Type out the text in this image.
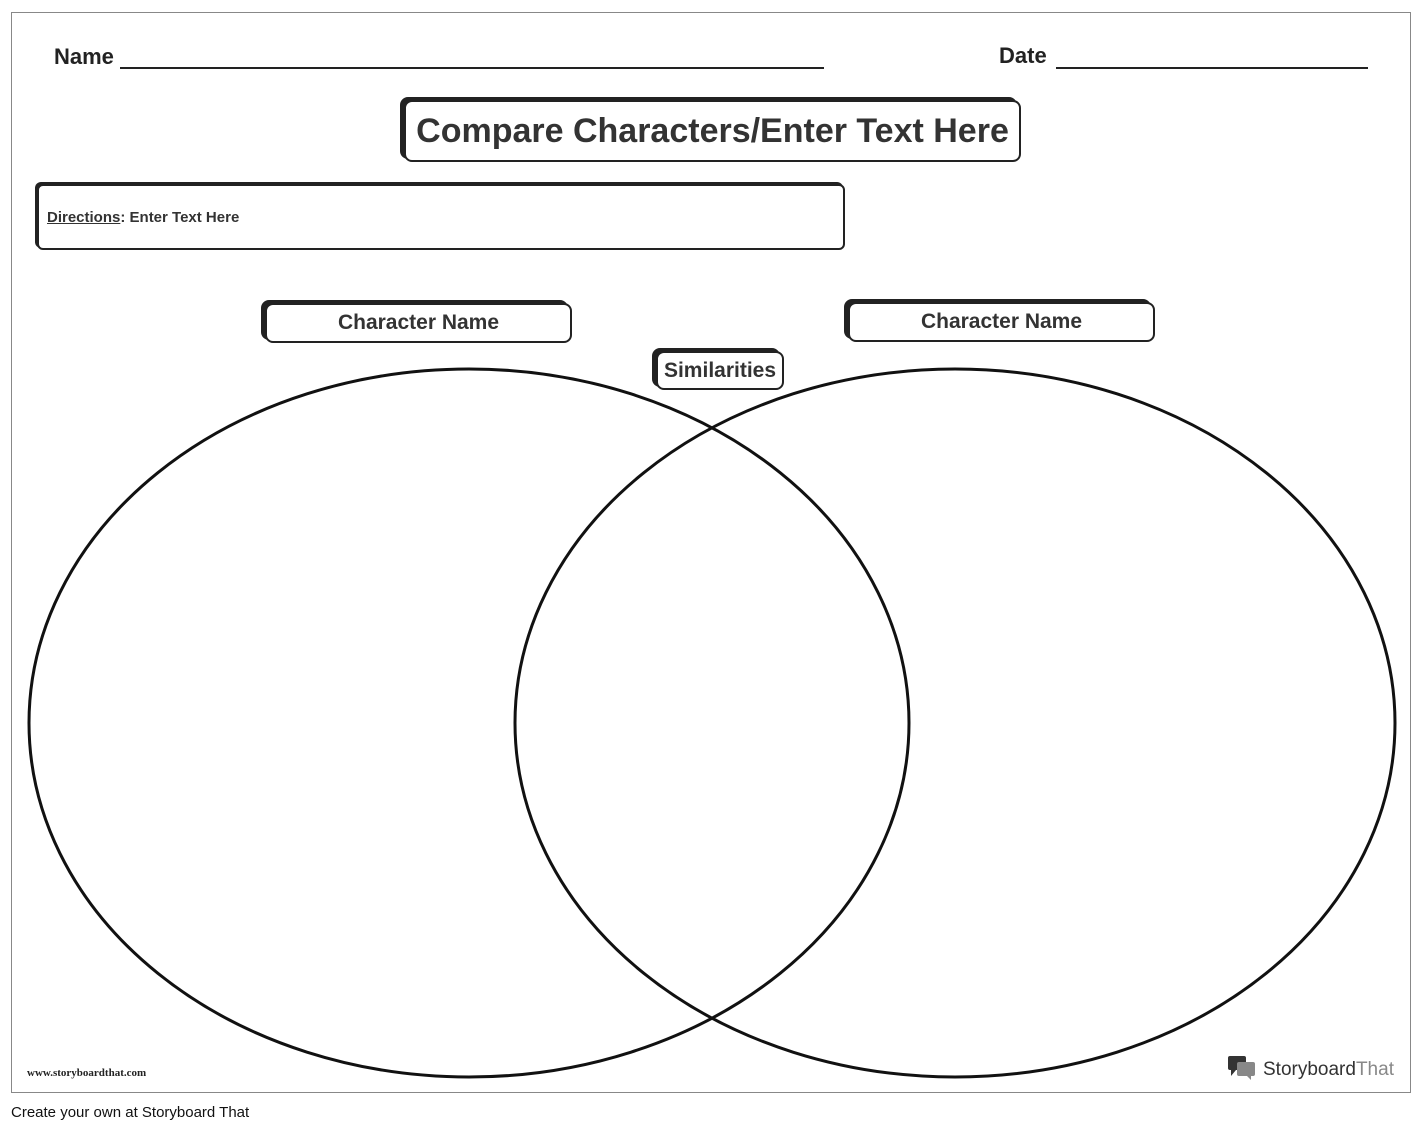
Name	Date
Compare Characters/Enter Text Here
Directions : Enter Text Here
Character Name	Character Name
Similarities
www.storyboardthat.com	StoryboardThat
Create your own at Storyboard That
